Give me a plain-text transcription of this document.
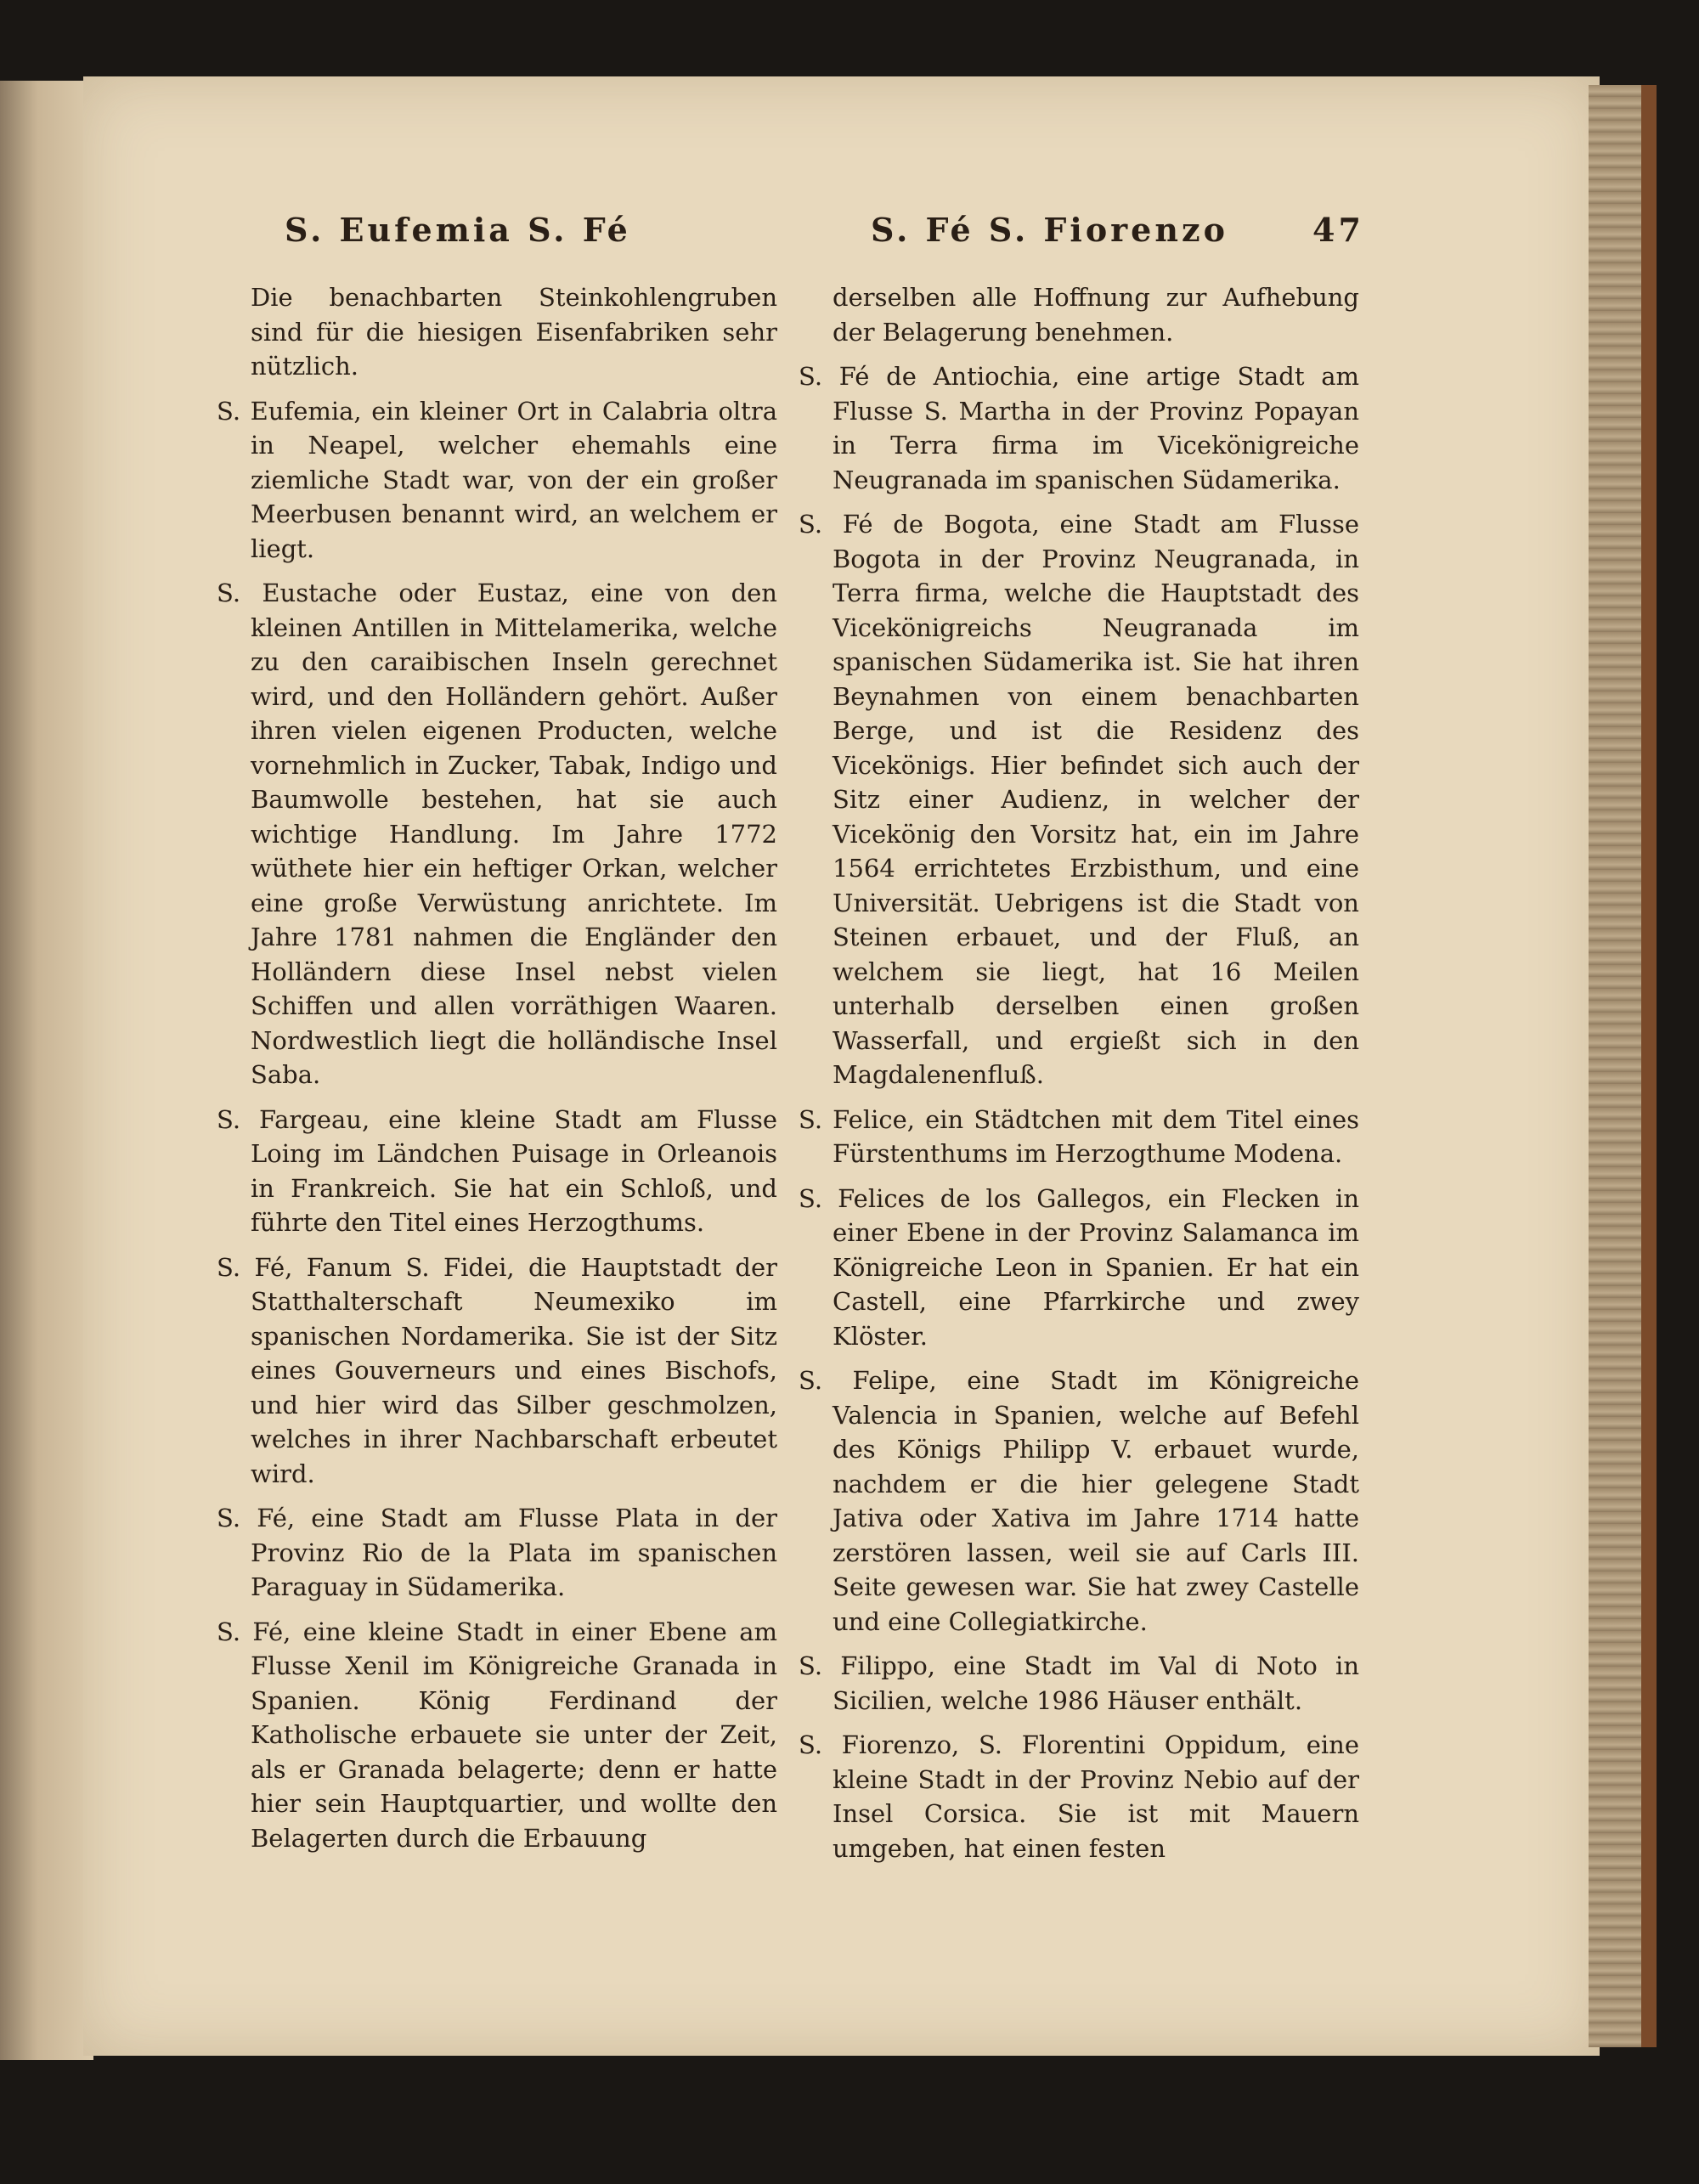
S. Eufemia S. Fé	S. Fé S. Fiorenzo	47

Die benachbarten Steinkohlengruben sind für die hiesigen Eisenfabriken sehr nützlich.

S. Eufemia, ein kleiner Ort in Calabria oltra in Neapel, welcher ehemahls eine ziemliche Stadt war, von der ein großer Meerbusen benannt wird, an welchem er liegt.

S. Eustache oder Eustaz, eine von den kleinen Antillen in Mittelamerika, welche zu den caraibischen Inseln gerechnet wird, und den Holländern gehört. Außer ihren vielen eigenen Producten, welche vornehmlich in Zucker, Tabak, Indigo und Baumwolle bestehen, hat sie auch wichtige Handlung. Im Jahre 1772 wüthete hier ein heftiger Orkan, welcher eine große Verwüstung anrichtete. Im Jahre 1781 nahmen die Engländer den Holländern diese Insel nebst vielen Schiffen und allen vorräthigen Waaren. Nordwestlich liegt die holländische Insel Saba.

S. Fargeau, eine kleine Stadt am Flusse Loing im Ländchen Puisage in Orleanois in Frankreich. Sie hat ein Schloß, und führte den Titel eines Herzogthums.

S. Fé, Fanum S. Fidei, die Hauptstadt der Statthalterschaft Neumexiko im spanischen Nordamerika. Sie ist der Sitz eines Gouverneurs und eines Bischofs, und hier wird das Silber geschmolzen, welches in ihrer Nachbarschaft erbeutet wird.

S. Fé, eine Stadt am Flusse Plata in der Provinz Rio de la Plata im spanischen Paraguay in Südamerika.

S. Fé, eine kleine Stadt in einer Ebene am Flusse Xenil im Königreiche Granada in Spanien. König Ferdinand der Katholische erbauete sie unter der Zeit, als er Granada belagerte; denn er hatte hier sein Hauptquartier, und wollte den Belagerten durch die Erbauung

derselben alle Hoffnung zur Aufhebung der Belagerung benehmen.

S. Fé de Antiochia, eine artige Stadt am Flusse S. Martha in der Provinz Popayan in Terra firma im Vicekönigreiche Neugranada im spanischen Südamerika.

S. Fé de Bogota, eine Stadt am Flusse Bogota in der Provinz Neugranada, in Terra firma, welche die Hauptstadt des Vicekönigreichs Neugranada im spanischen Südamerika ist. Sie hat ihren Beynahmen von einem benachbarten Berge, und ist die Residenz des Vicekönigs. Hier befindet sich auch der Sitz einer Audienz, in welcher der Vicekönig den Vorsitz hat, ein im Jahre 1564 errichtetes Erzbisthum, und eine Universität. Uebrigens ist die Stadt von Steinen erbauet, und der Fluß, an welchem sie liegt, hat 16 Meilen unterhalb derselben einen großen Wasserfall, und ergießt sich in den Magdalenenfluß.

S. Felice, ein Städtchen mit dem Titel eines Fürstenthums im Herzogthume Modena.

S. Felices de los Gallegos, ein Flecken in einer Ebene in der Provinz Salamanca im Königreiche Leon in Spanien. Er hat ein Castell, eine Pfarrkirche und zwey Klöster.

S. Felipe, eine Stadt im Königreiche Valencia in Spanien, welche auf Befehl des Königs Philipp V. erbauet wurde, nachdem er die hier gelegene Stadt Jativa oder Xativa im Jahre 1714 hatte zerstören lassen, weil sie auf Carls III. Seite gewesen war. Sie hat zwey Castelle und eine Collegiatkirche.

S. Filippo, eine Stadt im Val di Noto in Sicilien, welche 1986 Häuser enthält.

S. Fiorenzo, S. Florentini Oppidum, eine kleine Stadt in der Provinz Nebio auf der Insel Corsica. Sie ist mit Mauern umgeben, hat einen festen
